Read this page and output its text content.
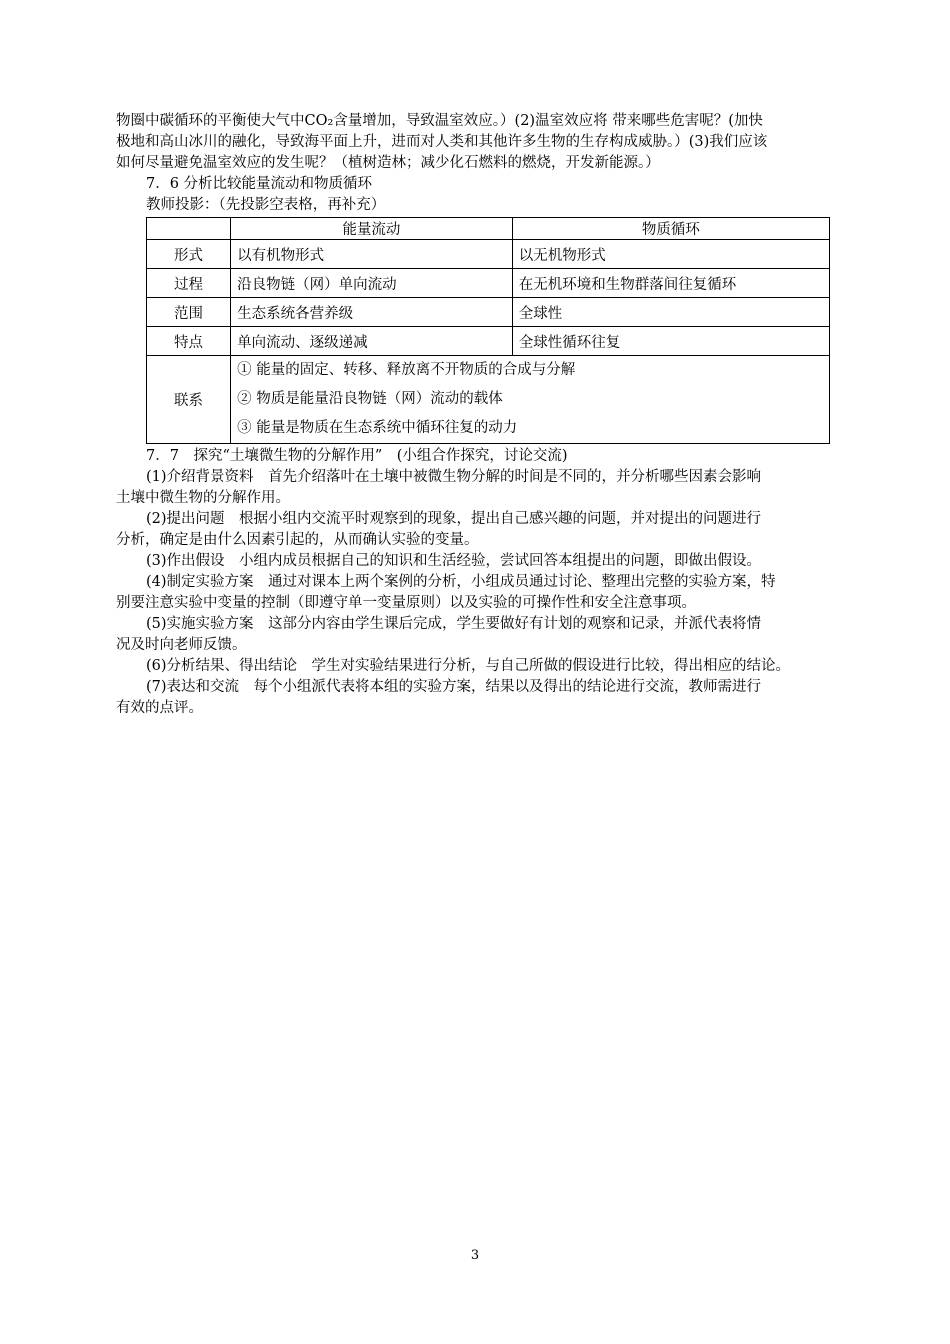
物圈中碳循环的平衡使大气中CO₂含量增加，导致温室效应。）(2)温室效应将 带来哪些危害呢？(加快

极地和高山冰川的融化，导致海平面上升，进而对人类和其他许多生物的生存构成威胁。）(3)我们应该

如何尽量避免温室效应的发生呢？（植树造林；减少化石燃料的燃烧，开发新能源。）

7．6 分析比较能量流动和物质循环

教师投影：（先投影空表格，再补充）

	能量流动	物质循环
形式	以有机物形式	以无机物形式
过程	沿良物链（网）单向流动	在无机环境和生物群落间往复循环
范围	生态系统各营养级	全球性
特点	单向流动、逐级递减	全球性循环往复
联系	① 能量的固定、转移、释放离不开物质的合成与分解
② 物质是能量沿良物链（网）流动的载体
③ 能量是物质在生态系统中循环往复的动力	

7．7　探究“土壤微生物的分解作用”　(小组合作探究，讨论交流)

(1)介绍背景资料　首先介绍落叶在土壤中被微生物分解的时间是不同的，并分析哪些因素会影响

土壤中微生物的分解作用。

(2)提出问题　根据小组内交流平时观察到的现象，提出自己感兴趣的问题，并对提出的问题进行

分析，确定是由什么因素引起的，从而确认实验的变量。

(3)作出假设　小组内成员根据自己的知识和生活经验，尝试回答本组提出的问题，即做出假设。

(4)制定实验方案　通过对课本上两个案例的分析，小组成员通过讨论、整理出完整的实验方案，特

别要注意实验中变量的控制（即遵守单一变量原则）以及实验的可操作性和安全注意事项。

(5)实施实验方案　这部分内容由学生课后完成，学生要做好有计划的观察和记录，并派代表将情

况及时向老师反馈。

(6)分析结果、得出结论　学生对实验结果进行分析，与自己所做的假设进行比较，得出相应的结论。

(7)表达和交流　每个小组派代表将本组的实验方案，结果以及得出的结论进行交流，教师需进行

有效的点评。

3
